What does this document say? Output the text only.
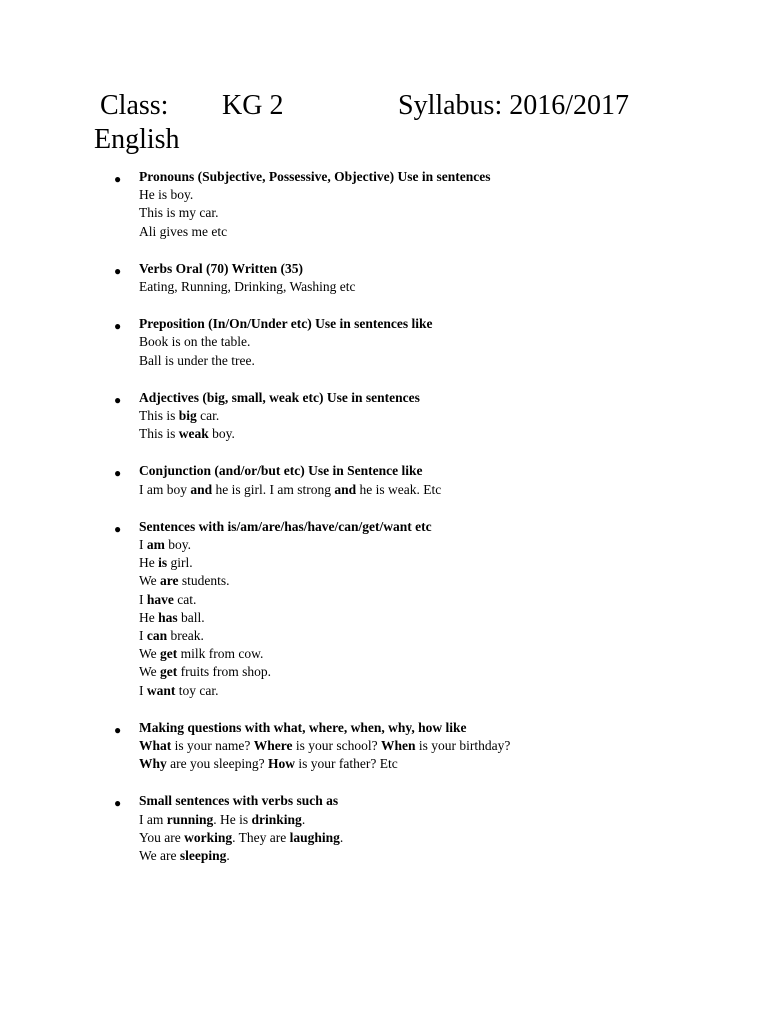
Class: KG 2	Syllabus: 2016/2017
English
● Pronouns (Subjective, Possessive, Objective) Use in sentences
He is boy.
This is my car.
Ali gives me etc
● Verbs Oral (70) Written (35)
Eating, Running, Drinking, Washing etc
● Preposition (In/On/Under etc) Use in sentences like
Book is on the table.
Ball is under the tree.
● Adjectives (big, small, weak etc) Use in sentences
This is big car.
This is weak boy.
● Conjunction (and/or/but etc) Use in Sentence like
I am boy and he is girl. I am strong and he is weak. Etc
● Sentences with is/am/are/has/have/can/get/want etc
I am boy.
He is girl.
We are students.
I have cat.
He has ball.
I can break.
We get milk from cow.
We get fruits from shop.
I want toy car.
● Making questions with what, where, when, why, how like
What is your name? Where is your school? When is your birthday?
Why are you sleeping? How is your father? Etc
● Small sentences with verbs such as
I am running. He is drinking.
You are working. They are laughing.
We are sleeping.
